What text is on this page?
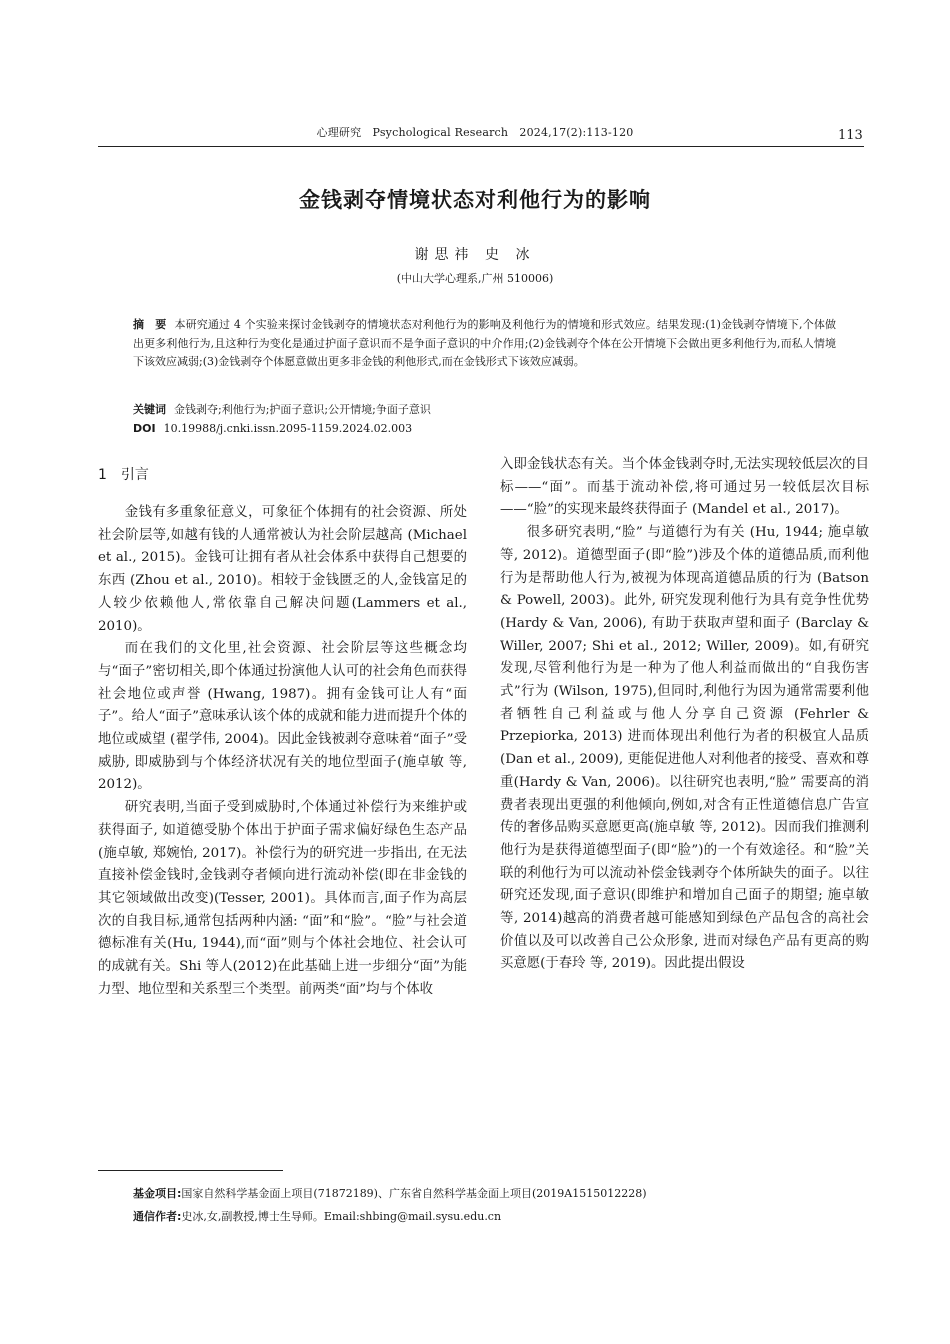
心理研究　Psychological Research　2024,17(2):113-120	113
金钱剥夺情境状态对利他行为的影响
谢思祎 史 冰
(中山大学心理系,广州 510006)
摘　要 本研究通过 4 个实验来探讨金钱剥夺的情境状态对利他行为的影响及利他行为的情境和形式效应。结果发现:(1)金钱剥夺情境下,个体做出更多利他行为,且这种行为变化是通过护面子意识而不是争面子意识的中介作用;(2)金钱剥夺个体在公开情境下会做出更多利他行为,而私人情境下该效应减弱;(3)金钱剥夺个体愿意做出更多非金钱的利他形式,而在金钱形式下该效应减弱。
关键词 金钱剥夺;利他行为;护面子意识;公开情境;争面子意识
DOI 10.19988/j.cnki.issn.2095-1159.2024.02.003
1　引言

金钱有多重象征意义，可象征个体拥有的社会资源、所处社会阶层等,如越有钱的人通常被认为社会阶层越高 (Michael et al., 2015)。金钱可让拥有者从社会体系中获得自己想要的东西 (Zhou et al., 2010)。相较于金钱匮乏的人,金钱富足的人较少依赖他人,常依靠自己解决问题(Lammers et al., 2010)。

而在我们的文化里,社会资源、社会阶层等这些概念均与“面子”密切相关,即个体通过扮演他人认可的社会角色而获得社会地位或声誉 (Hwang, 1987)。拥有金钱可让人有“面子”。给人“面子”意味承认该个体的成就和能力进而提升个体的地位或威望 (翟学伟, 2004)。因此金钱被剥夺意味着“面子”受威胁, 即威胁到与个体经济状况有关的地位型面子(施卓敏 等, 2012)。

研究表明,当面子受到威胁时,个体通过补偿行为来维护或获得面子, 如道德受胁个体出于护面子需求偏好绿色生态产品 (施卓敏, 郑婉怡, 2017)。补偿行为的研究进一步指出, 在无法直接补偿金钱时,金钱剥夺者倾向进行流动补偿(即在非金钱的其它领域做出改变)(Tesser, 2001)。具体而言,面子作为高层次的自我目标,通常包括两种内涵: “面”和“脸”。“脸”与社会道德标准有关(Hu, 1944),而“面”则与个体社会地位、社会认可的成就有关。Shi 等人(2012)在此基础上进一步细分“面”为能力型、地位型和关系型三个类型。前两类“面”均与个体收

入即金钱状态有关。当个体金钱剥夺时,无法实现较低层次的目标——“面”。而基于流动补偿,将可通过另一较低层次目标——“脸”的实现来最终获得面子 (Mandel et al., 2017)。

很多研究表明,“脸” 与道德行为有关 (Hu, 1944; 施卓敏 等, 2012)。道德型面子(即“脸”)涉及个体的道德品质,而利他行为是帮助他人行为,被视为体现高道德品质的行为 (Batson & Powell, 2003)。此外, 研究发现利他行为具有竞争性优势 (Hardy & Van, 2006), 有助于获取声望和面子 (Barclay & Willer, 2007; Shi et al., 2012; Willer, 2009)。如,有研究发现,尽管利他行为是一种为了他人利益而做出的“自我伤害式”行为 (Wilson, 1975),但同时,利他行为因为通常需要利他者牺牲自己利益或与他人分享自己资源 (Fehrler & Przepiorka, 2013) 进而体现出利他行为者的积极宜人品质 (Dan et al., 2009), 更能促进他人对利他者的接受、喜欢和尊重(Hardy & Van, 2006)。以往研究也表明,“脸” 需要高的消费者表现出更强的利他倾向,例如,对含有正性道德信息广告宣传的奢侈品购买意愿更高(施卓敏 等, 2012)。因而我们推测利他行为是获得道德型面子(即“脸”)的一个有效途径。和“脸”关联的利他行为可以流动补偿金钱剥夺个体所缺失的面子。以往研究还发现,面子意识(即维护和增加自己面子的期望; 施卓敏 等, 2014)越高的消费者越可能感知到绿色产品包含的高社会价值以及可以改善自己公众形象, 进而对绿色产品有更高的购买意愿(于春玲 等, 2019)。因此提出假设

基金项目:国家自然科学基金面上项目(71872189)、广东省自然科学基金面上项目(2019A1515012228)
通信作者:史冰,女,副教授,博士生导师。Email:shbing@mail.sysu.edu.cn
